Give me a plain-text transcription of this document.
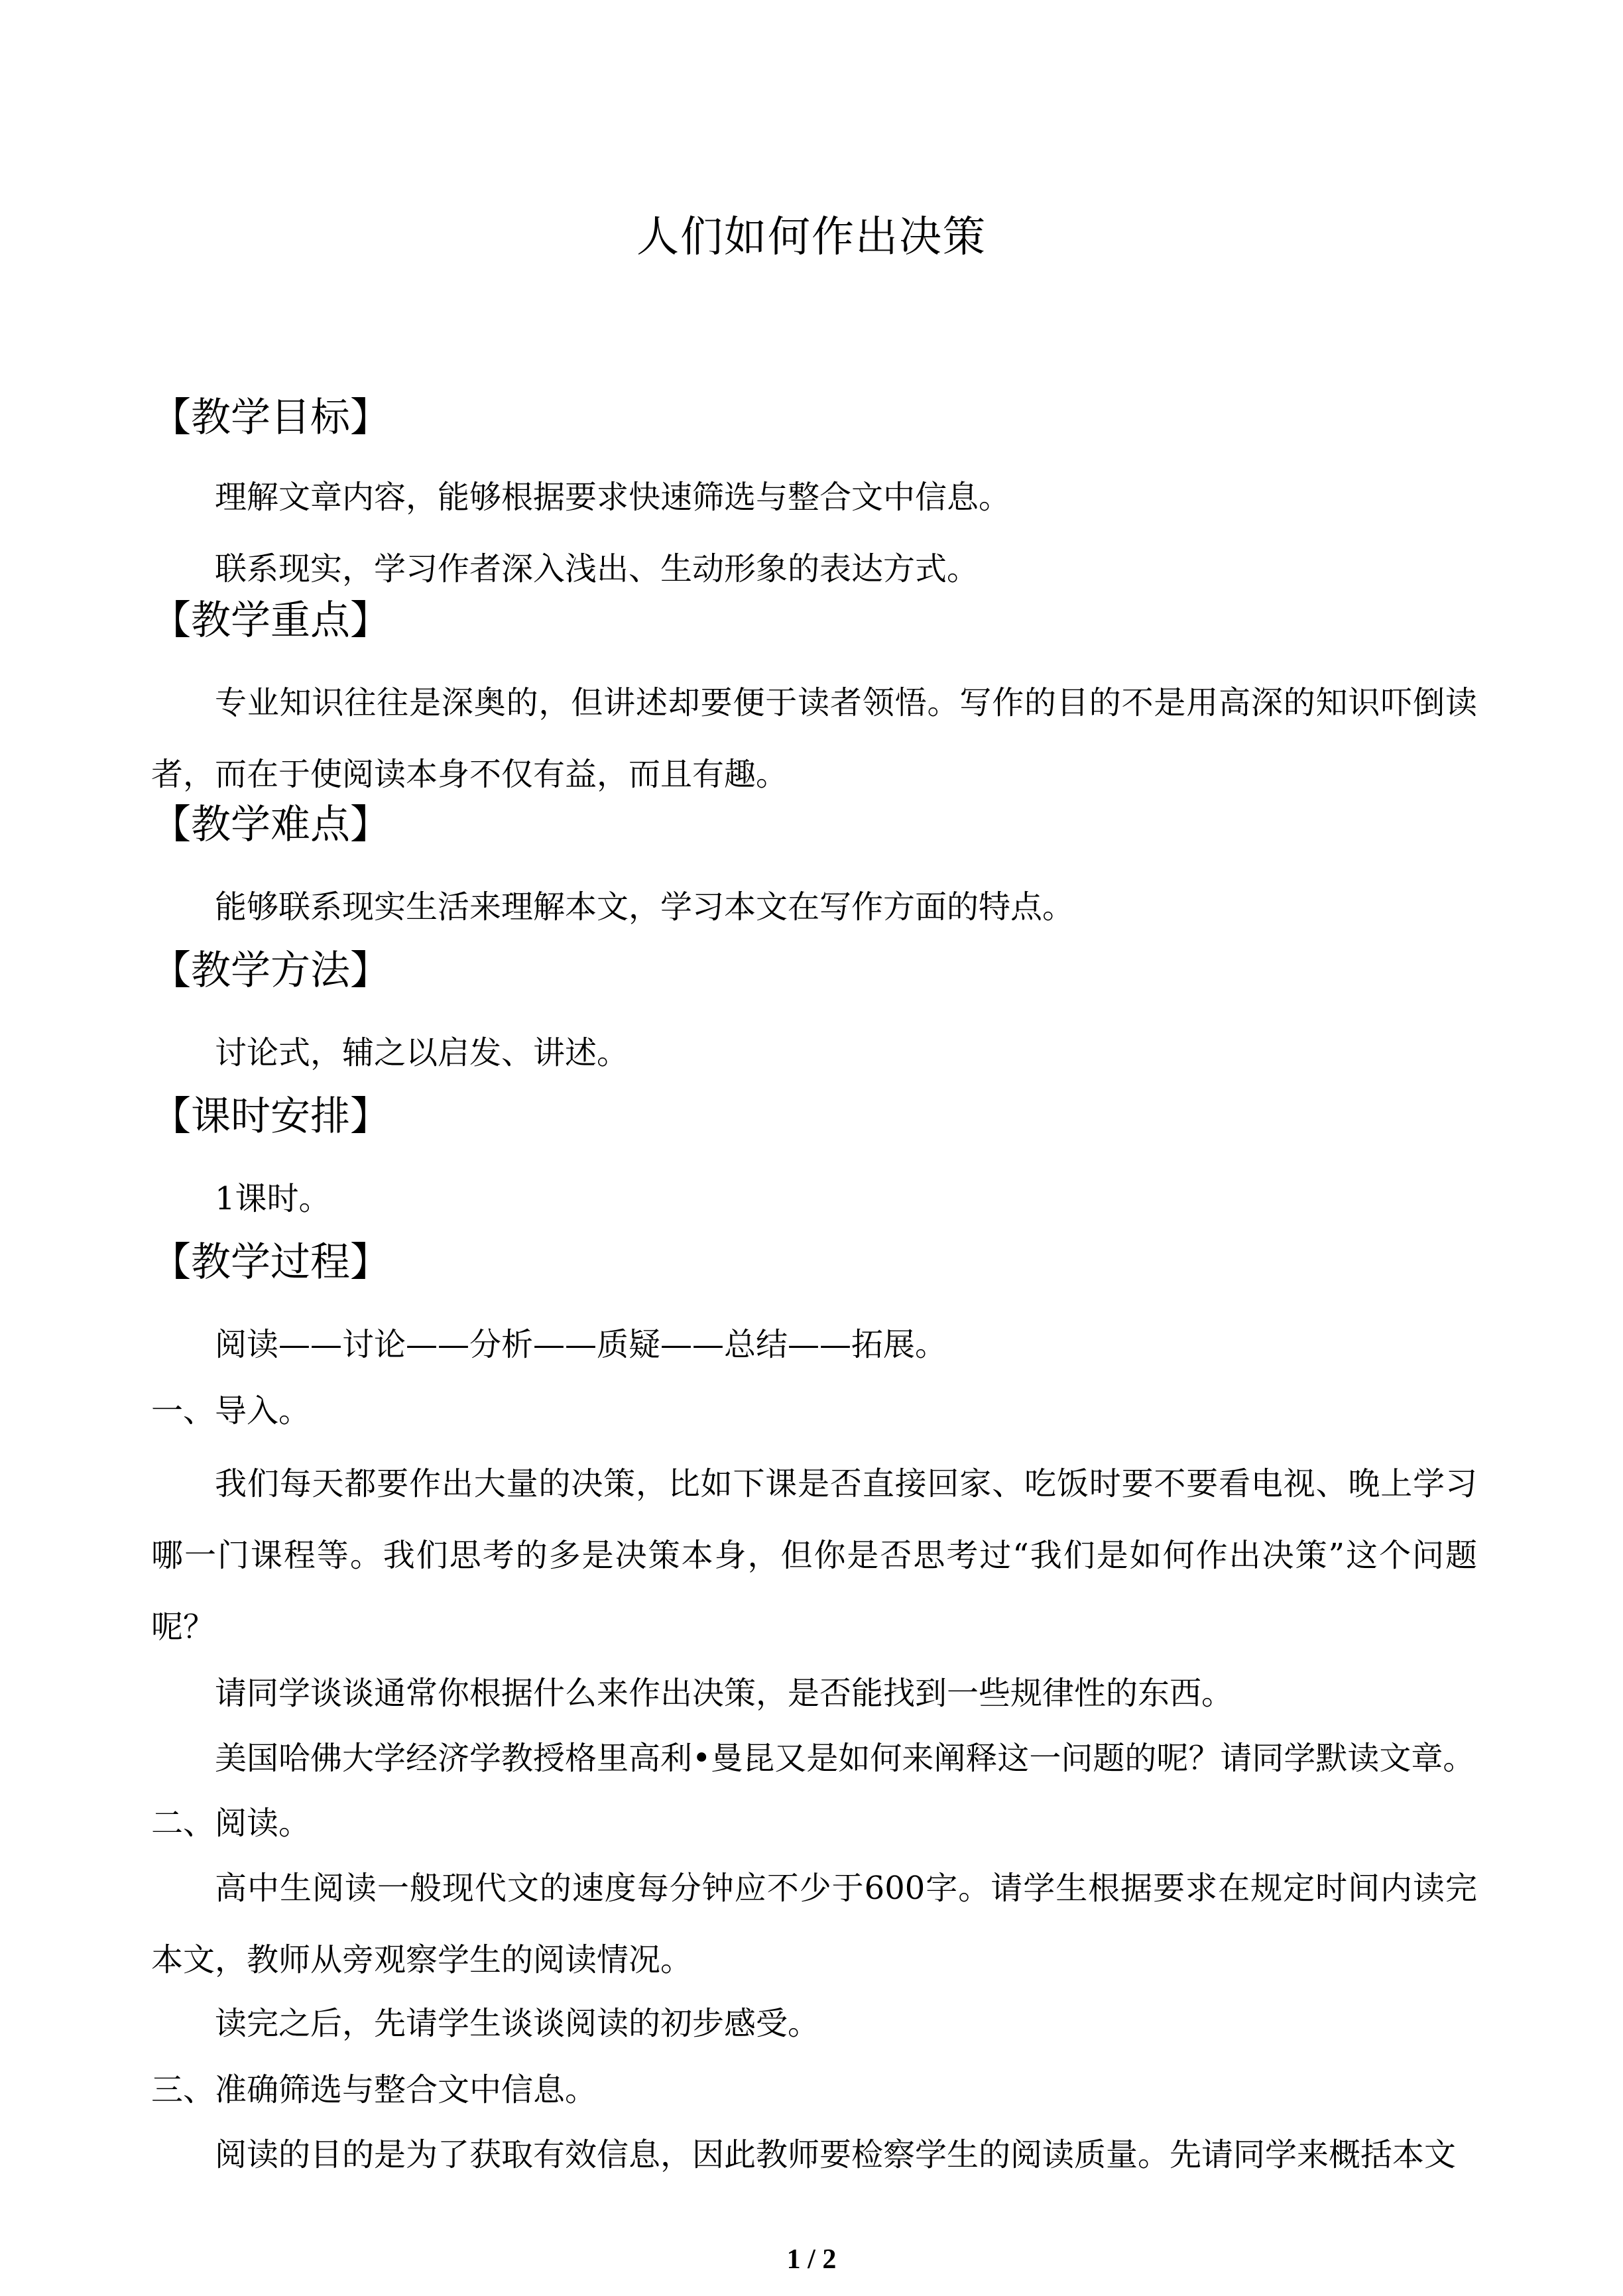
人们如何作出决策
【教学目标】
理解文章内容，能够根据要求快速筛选与整合文中信息。
联系现实，学习作者深入浅出、生动形象的表达方式。
【教学重点】
专业知识往往是深奥的，但讲述却要便于读者领悟。写作的目的不是用高深的知识吓倒读者，而在于使阅读本身不仅有益，而且有趣。
【教学难点】
能够联系现实生活来理解本文，学习本文在写作方面的特点。
【教学方法】
讨论式，辅之以启发、讲述。
【课时安排】
1课时。
【教学过程】
阅读——讨论——分析——质疑——总结——拓展。
一、导入。
我们每天都要作出大量的决策，比如下课是否直接回家、吃饭时要不要看电视、晚上学习哪一门课程等。我们思考的多是决策本身，但你是否思考过“我们是如何作出决策”这个问题呢？
请同学谈谈通常你根据什么来作出决策，是否能找到一些规律性的东西。
美国哈佛大学经济学教授格里高利•曼昆又是如何来阐释这一问题的呢？请同学默读文章。
二、阅读。
高中生阅读一般现代文的速度每分钟应不少于600字。请学生根据要求在规定时间内读完本文，教师从旁观察学生的阅读情况。
读完之后，先请学生谈谈阅读的初步感受。
三、准确筛选与整合文中信息。
阅读的目的是为了获取有效信息，因此教师要检察学生的阅读质量。先请同学来概括本文
1 / 2
